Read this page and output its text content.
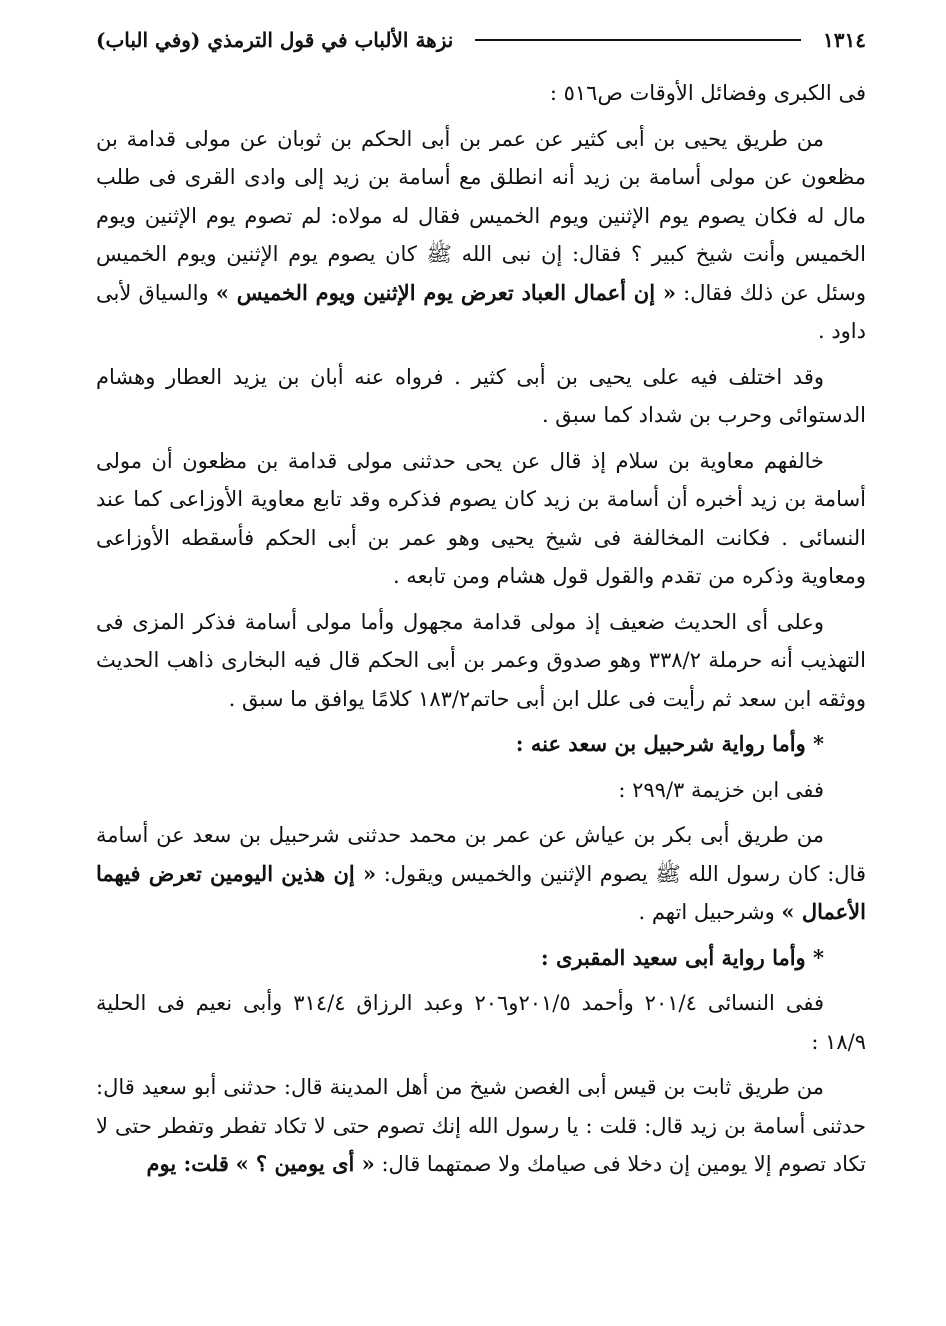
١٣١٤
نزهة الألباب في قول الترمذي (وفي الباب)

فى الكبرى وفضائل الأوقات ص٥١٦ :

من طريق يحيى بن أبى كثير عن عمر بن أبى الحكم بن ثوبان عن مولى قدامة بن مظعون عن مولى أسامة بن زيد أنه انطلق مع أسامة بن زيد إلى وادى القرى فى طلب مال له فكان يصوم يوم الإثنين ويوم الخميس فقال له مولاه: لم تصوم يوم الإثنين ويوم الخميس وأنت شيخ كبير ؟ فقال: إن نبى الله ﷺ كان يصوم يوم الإثنين ويوم الخميس وسئل عن ذلك فقال: « إن أعمال العباد تعرض يوم الإثنين ويوم الخميس » والسياق لأبى داود .

وقد اختلف فيه على يحيى بن أبى كثير . فرواه عنه أبان بن يزيد العطار وهشام الدستوائى وحرب بن شداد كما سبق .

خالفهم معاوية بن سلام إذ قال عن يحى حدثنى مولى قدامة بن مظعون أن مولى أسامة بن زيد أخبره أن أسامة بن زيد كان يصوم فذكره وقد تابع معاوية الأوزاعى كما عند النسائى . فكانت المخالفة فى شيخ يحيى وهو عمر بن أبى الحكم فأسقطه الأوزاعى ومعاوية وذكره من تقدم والقول قول هشام ومن تابعه .

وعلى أى الحديث ضعيف إذ مولى قدامة مجهول وأما مولى أسامة فذكر المزى فى التهذيب أنه حرملة ٣٣٨/٢ وهو صدوق وعمر بن أبى الحكم قال فيه البخارى ذاهب الحديث ووثقه ابن سعد ثم رأيت فى علل ابن أبى حاتم١٨٣/٢ كلامًا يوافق ما سبق .

* وأما رواية شرحبيل بن سعد عنه :

ففى ابن خزيمة ٢٩٩/٣ :

من طريق أبى بكر بن عياش عن عمر بن محمد حدثنى شرحبيل بن سعد عن أسامة قال: كان رسول الله ﷺ يصوم الإثنين والخميس ويقول: « إن هذين اليومين تعرض فيهما الأعمال » وشرحبيل اتهم .

* وأما رواية أبى سعيد المقبرى :

ففى النسائى ٢٠١/٤ وأحمد ٢٠١/٥و٢٠٦ وعبد الرزاق ٣١٤/٤ وأبى نعيم فى الحلية ١٨/٩ :

من طريق ثابت بن قيس أبى الغصن شيخ من أهل المدينة قال: حدثنى أبو سعيد قال: حدثنى أسامة بن زيد قال: قلت : يا رسول الله إنك تصوم حتى لا تكاد تفطر وتفطر حتى لا تكاد تصوم إلا يومين إن دخلا فى صيامك ولا صمتهما قال: « أى يومين ؟ » قلت: يوم
